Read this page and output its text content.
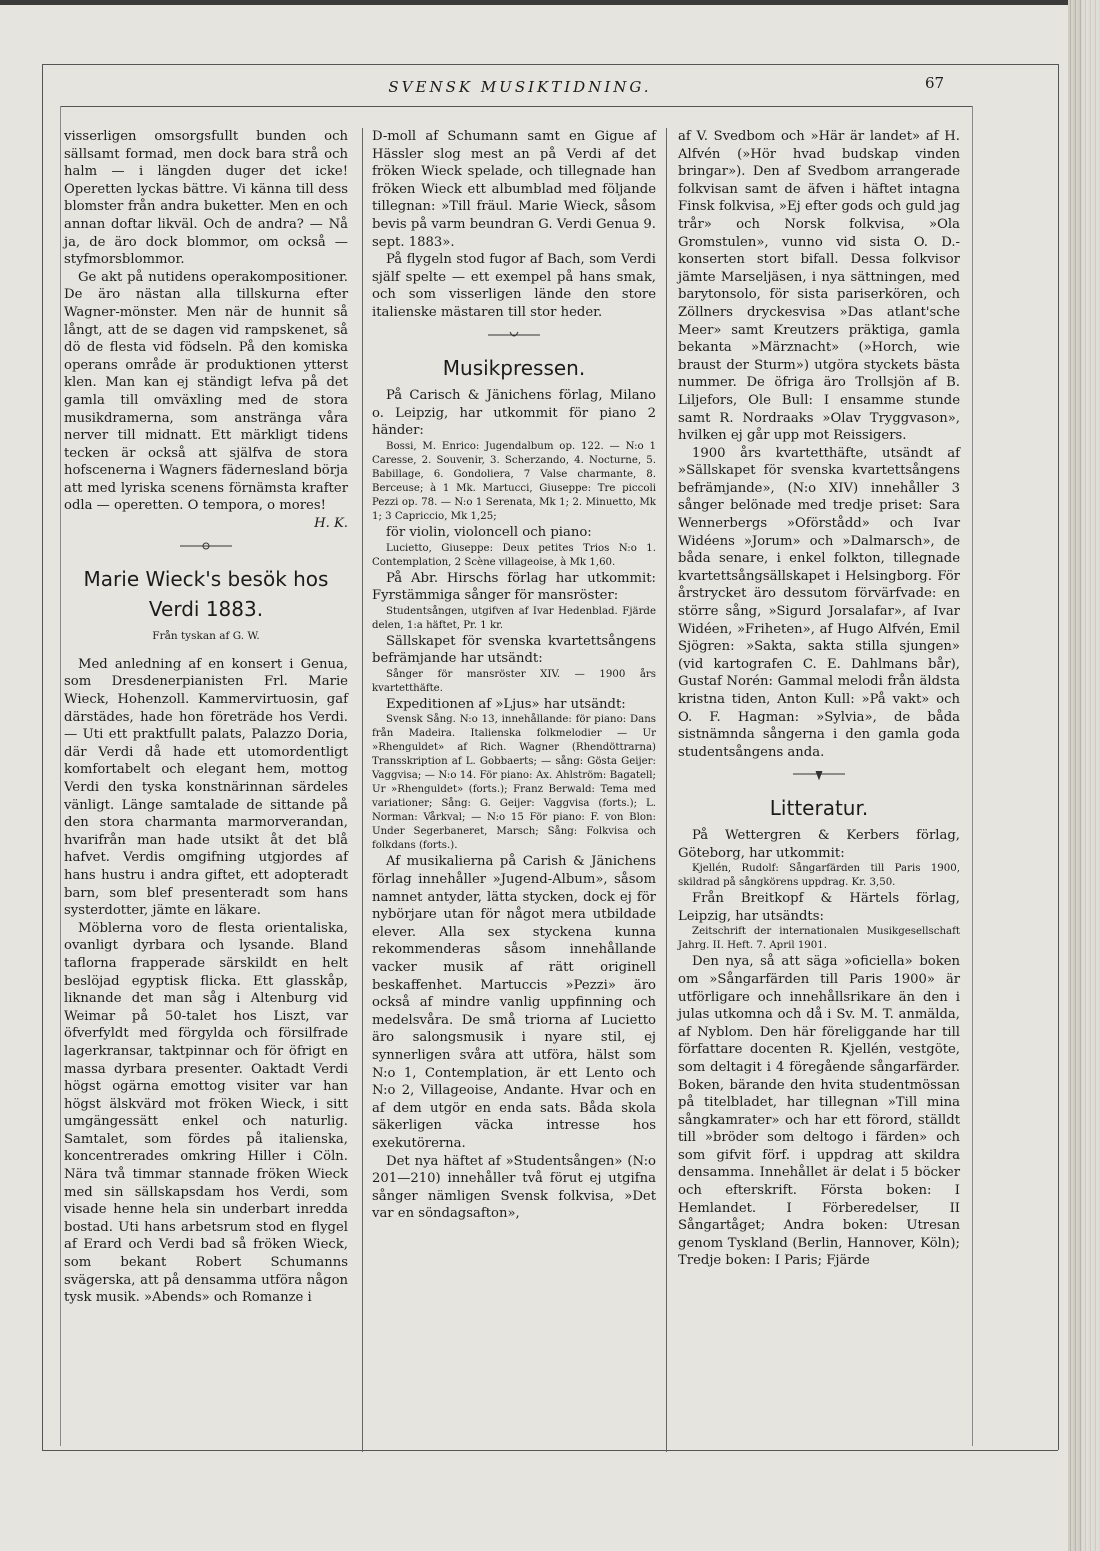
SVENSK MUSIKTIDNING.	67

visserligen omsorgsfullt bunden och sällsamt formad, men dock bara strå och halm — i längden duger det icke! Operetten lyckas bättre. Vi känna till dess blomster från andra buketter. Men en och annan doftar likväl. Och de andra? — Nå ja, de äro dock blommor, om också — styfmorsblommor.

Ge akt på nutidens operakompositioner. De äro nästan alla tillskurna efter Wagner-mönster. Men när de hunnit så långt, att de se dagen vid rampskenet, så dö de flesta vid födseln. På den komiska operans område är produktionen ytterst klen. Man kan ej ständigt lefva på det gamla till omväxling med de stora musikdramerna, som anstränga våra nerver till midnatt. Ett märkligt tidens tecken är också att själfva de stora hofscenerna i Wagners fädernesland börja att med lyriska scenens förnämsta krafter odla — operetten. O tempora, o mores!

H. K.
Marie Wieck's besök hos Verdi 1883.
Från tyskan af G. W.

Med anledning af en konsert i Genua, som Dresdenerpianisten Frl. Marie Wieck, Hohenzoll. Kammervirtuosin, gaf därstädes, hade hon företräde hos Verdi. — Uti ett praktfullt palats, Palazzo Doria, där Verdi då hade ett utomordentligt komfortabelt och elegant hem, mottog Verdi den tyska konstnärinnan särdeles vänligt. Länge samtalade de sittande på den stora charmanta marmorverandan, hvarifrån man hade utsikt åt det blå hafvet. Verdis omgifning utgjordes af hans hustru i andra giftet, ett adopteradt barn, som blef presenteradt som hans systerdotter, jämte en läkare.

Möblerna voro de flesta orientaliska, ovanligt dyrbara och lysande. Bland taflorna frapperade särskildt en helt beslöjad egyptisk flicka. Ett glasskåp, liknande det man såg i Altenburg vid Weimar på 50-talet hos Liszt, var öfverfyldt med förgylda och försilfrade lagerkransar, taktpinnar och för öfrigt en massa dyrbara presenter. Oaktadt Verdi högst ogärna emottog visiter var han högst älskvärd mot fröken Wieck, i sitt umgängessätt enkel och naturlig. Samtalet, som fördes på italienska, koncentrerades omkring Hiller i Cöln. Nära två timmar stannade fröken Wieck med sin sällskapsdam hos Verdi, som visade henne hela sin underbart inredda bostad. Uti hans arbetsrum stod en flygel af Erard och Verdi bad så fröken Wieck, som bekant Robert Schumanns svägerska, att på densamma utföra någon tysk musik. »Abends» och Romanze i

D-moll af Schumann samt en Gigue af Hässler slog mest an på Verdi af det fröken Wieck spelade, och tillegnade han fröken Wieck ett albumblad med följande tillegnan: »Till fräul. Marie Wieck, såsom bevis på varm beundran G. Verdi Genua 9. sept. 1883».

På flygeln stod fugor af Bach, som Verdi själf spelte — ett exempel på hans smak, och som visserligen lände den store italienske mästaren till stor heder.

Musikpressen.

På Carisch & Jänichens förlag, Milano o. Leipzig, har utkommit för piano 2 händer:

Bossi, M. Enrico: Jugendalbum op. 122. — N:o 1 Caresse, 2. Souvenir, 3. Scherzando, 4. Nocturne, 5. Babillage, 6. Gondoliera, 7 Valse charmante, 8. Berceuse; à 1 Mk. Martucci, Giuseppe: Tre piccoli Pezzi op. 78. — N:o 1 Serenata, Mk 1; 2. Minuetto, Mk 1; 3 Capriccio, Mk 1,25;

för violin, violoncell och piano:

Lucietto, Giuseppe: Deux petites Trios N:o 1. Contemplation, 2 Scène villageoise, à Mk 1,60.

På Abr. Hirschs förlag har utkommit: Fyrstämmiga sånger för mansröster:

Studentsången, utgifven af Ivar Hedenblad. Fjärde delen, 1:a häftet, Pr. 1 kr.

Sällskapet för svenska kvartettsångens befrämjande har utsändt:

Sånger för mansröster XIV. — 1900 års kvartetthäfte.

Expeditionen af »Ljus» har utsändt:

Svensk Sång. N:o 13, innehållande: för piano: Dans från Madeira. Italienska folkmelodier — Ur »Rhenguldet» af Rich. Wagner (Rhendöttrarna) Transskription af L. Gobbaerts; — sång: Gösta Geijer: Vaggvisa; — N:o 14. För piano: Ax. Ahlström: Bagatell; Ur »Rhenguldet» (forts.); Franz Berwald: Tema med variationer; Sång: G. Geijer: Vaggvisa (forts.); L. Norman: Vårkval; — N:o 15 För piano: F. von Blon: Under Segerbaneret, Marsch; Sång: Folkvisa och folkdans (forts.).

Af musikalierna på Carish & Jänichens förlag innehåller »Jugend-Album», såsom namnet antyder, lätta stycken, dock ej för nybörjare utan för något mera utbildade elever. Alla sex styckena kunna rekommenderas såsom innehållande vacker musik af rätt originell beskaffenhet. Martuccis »Pezzi» äro också af mindre vanlig uppfinning och medelsvåra. De små triorna af Lucietto äro salongsmusik i nyare stil, ej synnerligen svåra att utföra, hälst som N:o 1, Contemplation, är ett Lento och N:o 2, Villageoise, Andante. Hvar och en af dem utgör en enda sats. Båda skola säkerligen väcka intresse hos exekutörerna.

Det nya häftet af »Studentsången» (N:o 201—210) innehåller två förut ej utgifna sånger nämligen Svensk folkvisa, »Det var en söndagsafton»,

af V. Svedbom och »Här är landet» af H. Alfvén (»Hör hvad budskap vinden bringar»). Den af Svedbom arrangerade folkvisan samt de äfven i häftet intagna Finsk folkvisa, »Ej efter gods och guld jag trår» och Norsk folkvisa, »Ola Gromstulen», vunno vid sista O. D.-konserten stort bifall. Dessa folkvisor jämte Marseljäsen, i nya sättningen, med barytonsolo, för sista pariserkören, och Zöllners dryckesvisa »Das atlant'sche Meer» samt Kreutzers präktiga, gamla bekanta »Märznacht» (»Horch, wie braust der Sturm») utgöra styckets bästa nummer. De öfriga äro Trollsjön af B. Liljefors, Ole Bull: I ensamme stunde samt R. Nordraaks »Olav Tryggvason», hvilken ej går upp mot Reissigers.

1900 års kvartetthäfte, utsändt af »Sällskapet för svenska kvartettsångens befrämjande», (N:o XIV) innehåller 3 sånger belönade med tredje priset: Sara Wennerbergs »Oförstådd» och Ivar Widéens »Jorum» och »Dalmarsch», de båda senare, i enkel folkton, tillegnade kvartettsångsällskapet i Helsingborg. För årstrycket äro dessutom förvärfvade: en större sång, »Sigurd Jorsalafar», af Ivar Widéen, »Friheten», af Hugo Alfvén, Emil Sjögren: »Sakta, sakta stilla sjungen» (vid kartografen C. E. Dahlmans bår), Gustaf Norén: Gammal melodi från äldsta kristna tiden, Anton Kull: »På vakt» och O. F. Hagman: »Sylvia», de båda sistnämnda sångerna i den gamla goda studentsångens anda.

Litteratur.

På Wettergren & Kerbers förlag, Göteborg, har utkommit:

Kjellén, Rudolf: Sångarfärden till Paris 1900, skildrad på sångkörens uppdrag. Kr. 3,50.

Från Breitkopf & Härtels förlag, Leipzig, har utsändts:

Zeitschrift der internationalen Musikgesellschaft Jahrg. II. Heft. 7. April 1901.

Den nya, så att säga »oficiella» boken om »Sångarfärden till Paris 1900» är utförligare och innehållsrikare än den i julas utkomna och då i Sv. M. T. anmälda, af Nyblom. Den här föreliggande har till författare docenten R. Kjellén, vestgöte, som deltagit i 4 föregående sångarfärder. Boken, bärande den hvita studentmössan på titelbladet, har tillegnan »Till mina sångkamrater» och har ett förord, ställdt till »bröder som deltogo i färden» och som gifvit förf. i uppdrag att skildra densamma. Innehållet är delat i 5 böcker och efterskrift. Första boken: I Hemlandet. I Förberedelser, II Sångartåget; Andra boken: Utresan genom Tyskland (Berlin, Hannover, Köln); Tredje boken: I Paris; Fjärde
